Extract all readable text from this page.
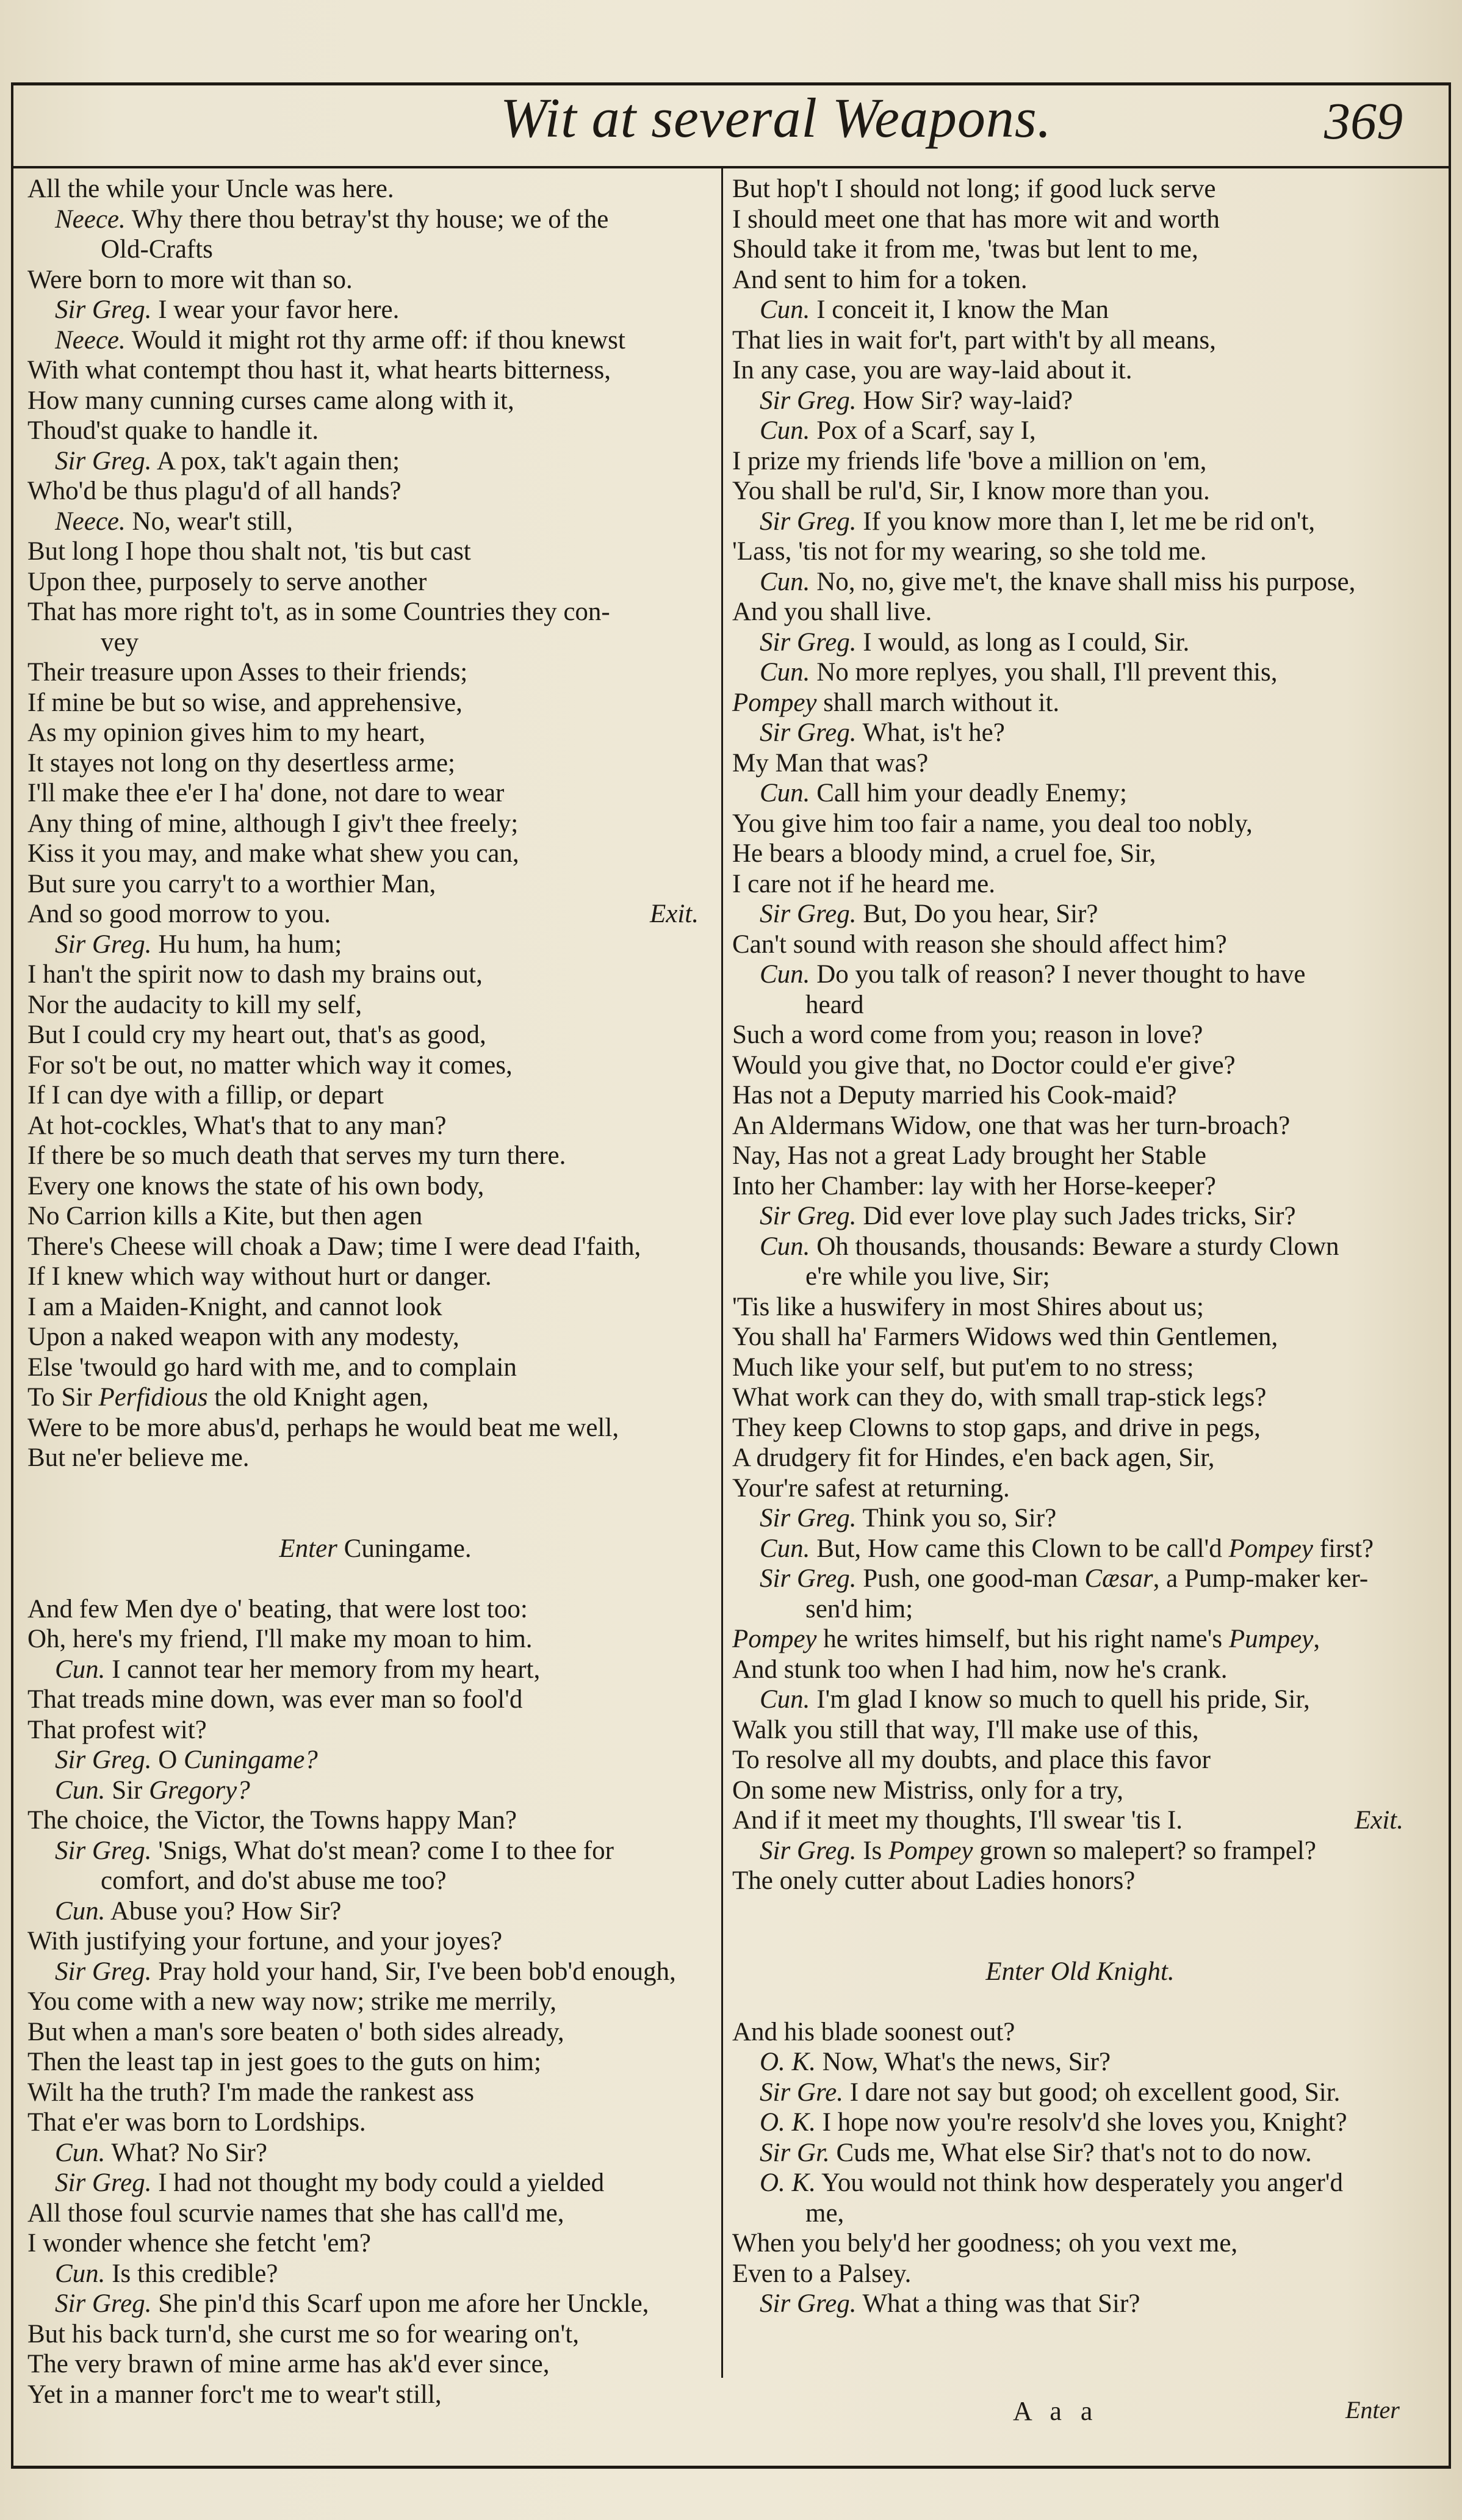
Wit at several Weapons.	369
All the while your Uncle was here.
Neece. Why there thou betray'st thy house; we of the
Old-Crafts
Were born to more wit than so.
Sir Greg. I wear your favor here.
Neece. Would it might rot thy arme off: if thou knewst
With what contempt thou hast it, what hearts bitterness,
How many cunning curses came along with it,
Thoud'st quake to handle it.
Sir Greg. A pox, tak't again then;
Who'd be thus plagu'd of all hands?
Neece. No, wear't still,
But long I hope thou shalt not, 'tis but cast
Upon thee, purposely to serve another
That has more right to't, as in some Countries they con-
vey
Their treasure upon Asses to their friends;
If mine be but so wise, and apprehensive,
As my opinion gives him to my heart,
It stayes not long on thy desertless arme;
I'll make thee e'er I ha' done, not dare to wear
Any thing of mine, although I giv't thee freely;
Kiss it you may, and make what shew you can,
But sure you carry't to a worthier Man,
And so good morrow to you.	Exit.
Sir Greg. Hu hum, ha hum;
I han't the spirit now to dash my brains out,
Nor the audacity to kill my self,
But I could cry my heart out, that's as good,
For so't be out, no matter which way it comes,
If I can dye with a fillip, or depart
At hot-cockles, What's that to any man?
If there be so much death that serves my turn there.
Every one knows the state of his own body,
No Carrion kills a Kite, but then agen
There's Cheese will choak a Daw; time I were dead I'faith,
If I knew which way without hurt or danger.
I am a Maiden-Knight, and cannot look
Upon a naked weapon with any modesty,
Else 'twould go hard with me, and to complain
To Sir Perfidious the old Knight agen,
Were to be more abus'd, perhaps he would beat me well,
But ne'er believe me.
Enter Cuningame.
And few Men dye o' beating, that were lost too:
Oh, here's my friend, I'll make my moan to him.
Cun. I cannot tear her memory from my heart,
That treads mine down, was ever man so fool'd
That profest wit?
Sir Greg. O Cuningame?
Cun. Sir Gregory?
The choice, the Victor, the Towns happy Man?
Sir Greg. 'Snigs, What do'st mean? come I to thee for
comfort, and do'st abuse me too?
Cun. Abuse you? How Sir?
With justifying your fortune, and your joyes?
Sir Greg. Pray hold your hand, Sir, I've been bob'd enough,
You come with a new way now; strike me merrily,
But when a man's sore beaten o' both sides already,
Then the least tap in jest goes to the guts on him;
Wilt ha the truth? I'm made the rankest ass
That e'er was born to Lordships.
Cun. What? No Sir?
Sir Greg. I had not thought my body could a yielded
All those foul scurvie names that she has call'd me,
I wonder whence she fetcht 'em?
Cun. Is this credible?
Sir Greg. She pin'd this Scarf upon me afore her Unckle,
But his back turn'd, she curst me so for wearing on't,
The very brawn of mine arme has ak'd ever since,
Yet in a manner forc't me to wear't still,
But hop't I should not long; if good luck serve
I should meet one that has more wit and worth
Should take it from me, 'twas but lent to me,
And sent to him for a token.
Cun. I conceit it, I know the Man
That lies in wait for't, part with't by all means,
In any case, you are way-laid about it.
Sir Greg. How Sir? way-laid?
Cun. Pox of a Scarf, say I,
I prize my friends life 'bove a million on 'em,
You shall be rul'd, Sir, I know more than you.
Sir Greg. If you know more than I, let me be rid on't,
'Lass, 'tis not for my wearing, so she told me.
Cun. No, no, give me't, the knave shall miss his purpose,
And you shall live.
Sir Greg. I would, as long as I could, Sir.
Cun. No more replyes, you shall, I'll prevent this,
Pompey shall march without it.
Sir Greg. What, is't he?
My Man that was?
Cun. Call him your deadly Enemy;
You give him too fair a name, you deal too nobly,
He bears a bloody mind, a cruel foe, Sir,
I care not if he heard me.
Sir Greg. But, Do you hear, Sir?
Can't sound with reason she should affect him?
Cun. Do you talk of reason? I never thought to have
heard
Such a word come from you; reason in love?
Would you give that, no Doctor could e'er give?
Has not a Deputy married his Cook-maid?
An Aldermans Widow, one that was her turn-broach?
Nay, Has not a great Lady brought her Stable
Into her Chamber: lay with her Horse-keeper?
Sir Greg. Did ever love play such Jades tricks, Sir?
Cun. Oh thousands, thousands: Beware a sturdy Clown
e're while you live, Sir;
'Tis like a huswifery in most Shires about us;
You shall ha' Farmers Widows wed thin Gentlemen,
Much like your self, but put'em to no stress;
What work can they do, with small trap-stick legs?
They keep Clowns to stop gaps, and drive in pegs,
A drudgery fit for Hindes, e'en back agen, Sir,
Your're safest at returning.
Sir Greg. Think you so, Sir?
Cun. But, How came this Clown to be call'd Pompey first?
Sir Greg. Push, one good-man Cæsar, a Pump-maker ker-
sen'd him;
Pompey he writes himself, but his right name's Pumpey,
And stunk too when I had him, now he's crank.
Cun. I'm glad I know so much to quell his pride, Sir,
Walk you still that way, I'll make use of this,
To resolve all my doubts, and place this favor
On some new Mistriss, only for a try,
And if it meet my thoughts, I'll swear 'tis I.	Exit.
Sir Greg. Is Pompey grown so malepert? so frampel?
The onely cutter about Ladies honors?
Enter Old Knight.
And his blade soonest out?
O. K. Now, What's the news, Sir?
Sir Gre. I dare not say but good; oh excellent good, Sir.
O. K. I hope now you're resolv'd she loves you, Knight?
Sir Gr. Cuds me, What else Sir? that's not to do now.
O. K. You would not think how desperately you anger'd
me,
When you bely'd her goodness; oh you vext me,
Even to a Palsey.
Sir Greg. What a thing was that Sir?
A a a	Enter
